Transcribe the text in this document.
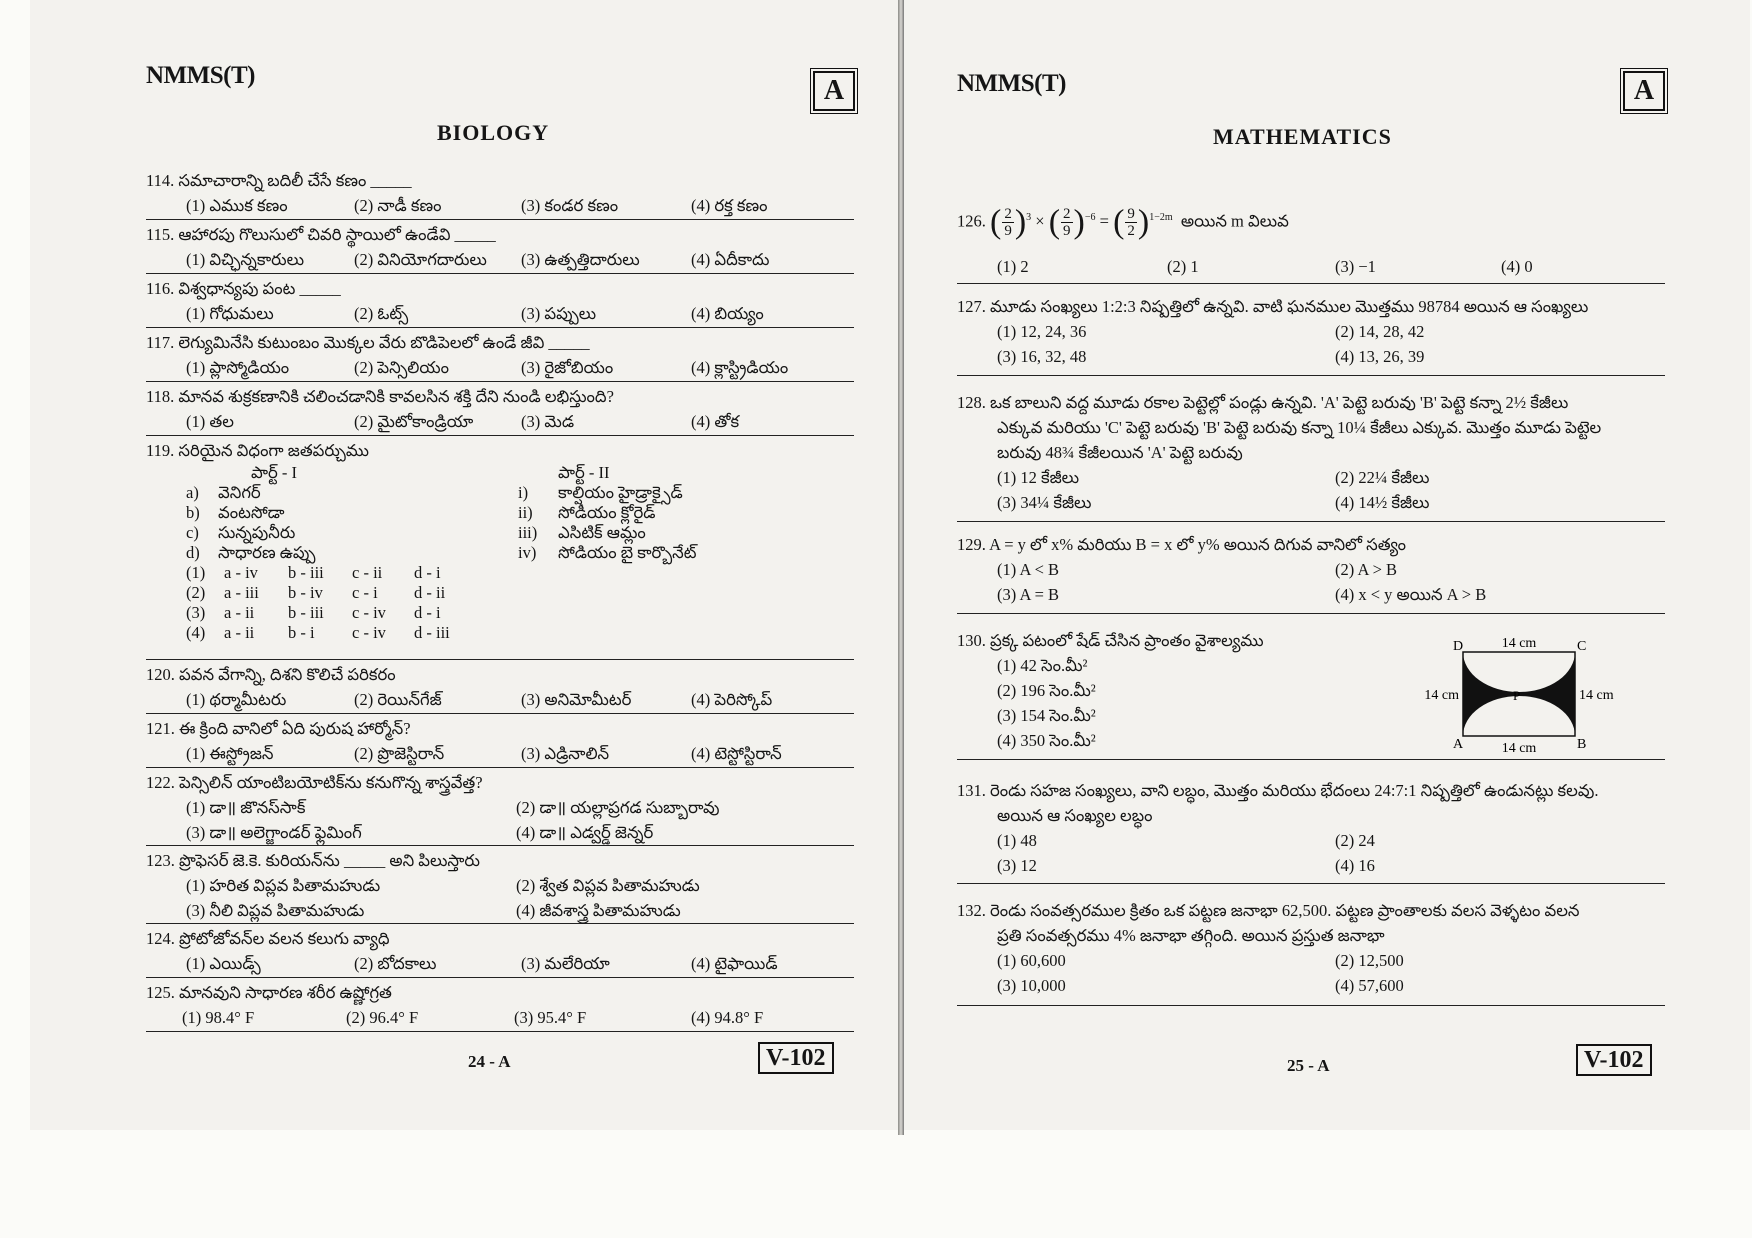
NMMS(T)	A
BIOLOGY
114. సమాచారాన్ని బదిలీ చేసే కణం _____
(1) ఎముక కణం	(2) నాడీ కణం	(3) కండర కణం	(4) రక్త కణం
115. ఆహారపు గొలుసులో చివరి స్థాయిలో ఉండేవి _____
(1) విచ్ఛిన్నకారులు	(2) వినియోగదారులు (3) ఉత్పత్తిదారులు	(4) ఏదీకాదు
116. విశ్వధాన్యపు పంట _____
(1) గోధుమలు	(2) ఓట్స్	(3) పప్పులు	(4) బియ్యం
117. లెగ్యుమినేసి కుటుంబం మొక్కల వేరు బొడిపెలలో ఉండే జీవి _____
(1) ప్లాస్మోడియం	(2) పెన్సిలియం	(3) రైజోబియం	(4) క్లాస్ట్రిడియం
118. మానవ శుక్రకణానికి చలించడానికి కావలసిన శక్తి దేని నుండి లభిస్తుంది?
(1) తల	(2) మైటోకాండ్రియా	(3) మెడ	(4) తోక
119. సరియైన విధంగా జతపర్చుము
పార్ట్ - I	పార్ట్ - II
a) వెనిగర్	i) కాల్షియం హైడ్రాక్సైడ్
b) వంటసోడా	ii) సోడియం క్లోరైడ్
c) సున్నపునీరు	iii) ఎసిటిక్ ఆమ్లం
d) సాధారణ ఉప్పు	iv) సోడియం బై కార్బొనేట్
(1) a - iv b - iii c - ii d - i
(2) a - iii b - iv c - i d - ii
(3) a - ii b - iii c - iv d - i
(4) a - ii b - i c - iv d - iii
120. పవన వేగాన్ని, దిశని కొలిచే పరికరం
(1) థర్మామీటరు	(2) రెయిన్‌గేజ్	(3) అనిమోమీటర్	(4) పెరిస్కోప్
121. ఈ క్రింది వానిలో ఏది పురుష హార్మోన్?
(1) ఈస్ట్రోజన్	(2) ప్రొజెస్టిరాన్	(3) ఎడ్రినాలిన్	(4) టెస్టోస్టిరాన్
122. పెన్సిలిన్ యాంటిబయోటిక్‌ను కనుగొన్న శాస్త్రవేత్త?
(1) డా॥ జొనస్‌సాక్	(2) డా॥ యల్లాప్రగడ సుబ్బారావు
(3) డా॥ అలెగ్జాండర్ ఫ్లెమింగ్	(4) డా॥ ఎడ్వర్డ్ జెన్నర్
123. ప్రొఫెసర్ జె.కె. కురియన్‌ను _____ అని పిలుస్తారు
(1) హరిత విప్లవ పితామహుడు	(2) శ్వేత విప్లవ పితామహుడు
(3) నీలి విప్లవ పితామహుడు	(4) జీవశాస్త్ర పితామహుడు
124. ప్రోటోజోవన్‌ల వలన కలుగు వ్యాధి
(1) ఎయిడ్స్	(2) బోదకాలు	(3) మలేరియా	(4) టైఫాయిడ్
125. మానవుని సాధారణ శరీర ఉష్ణోగ్రత
(1) 98.4° F	(2) 96.4° F	(3) 95.4° F	(4) 94.8° F
24 - A	V-102
NMMS(T)	A
MATHEMATICS
126. ( $\frac{2}{9} )^3$ × ( $\frac{2}{9} )^{-6}$ = ( $\frac{9}{2} )^{1-2m}$ అయిన m విలువ
(1) 2	(2) 1	(3) −1	(4) 0
127. మూడు సంఖ్యలు 1:2:3 నిష్పత్తిలో ఉన్నవి. వాటి ఘనముల మొత్తము 98784 అయిన ఆ సంఖ్యలు
(1) 12, 24, 36	(2) 14, 28, 42
(3) 16, 32, 48	(4) 13, 26, 39
128. ఒక బాలుని వద్ద మూడు రకాల పెట్టెల్లో పండ్లు ఉన్నవి. 'A' పెట్టె బరువు 'B' పెట్టె కన్నా 2½ కేజీలు
ఎక్కువ మరియు 'C' పెట్టె బరువు 'B' పెట్టె బరువు కన్నా 10¼ కేజీలు ఎక్కువ. మొత్తం మూడు పెట్టెల
బరువు 48¾ కేజీలయిన 'A' పెట్టె బరువు
(1) 12 కేజీలు	(2) 22¼ కేజీలు
(3) 34¼ కేజీలు	(4) 14½ కేజీలు
129. A = y లో x% మరియు B = x లో y% అయిన దిగువ వానిలో సత్యం
(1) A < B	(2) A > B
(3) A = B	(4) x < y అయిన A > B
130. ప్రక్క పటంలో షేడ్ చేసిన ప్రాంతం వైశాల్యము
(1) 42 సెం.మీ²
(2) 196 సెం.మీ²
(3) 154 సెం.మీ²
(4) 350 సెం.మీ²
14 cm
14 cm
14 cm	14 cm
D	C
A	B
P
131. రెండు సహజ సంఖ్యలు, వాని లబ్ధం, మొత్తం మరియు భేదంలు 24:7:1 నిష్పత్తిలో ఉండునట్లు కలవు.
అయిన ఆ సంఖ్యల లబ్ధం
(1) 48	(2) 24
(3) 12	(4) 16
132. రెండు సంవత్సరముల క్రితం ఒక పట్టణ జనాభా 62,500. పట్టణ ప్రాంతాలకు వలస వెళ్ళటం వలన
ప్రతి సంవత్సరము 4% జనాభా తగ్గింది. అయిన ప్రస్తుత జనాభా
(1) 60,600	(2) 12,500
(3) 10,000	(4) 57,600
25 - A	V-102
